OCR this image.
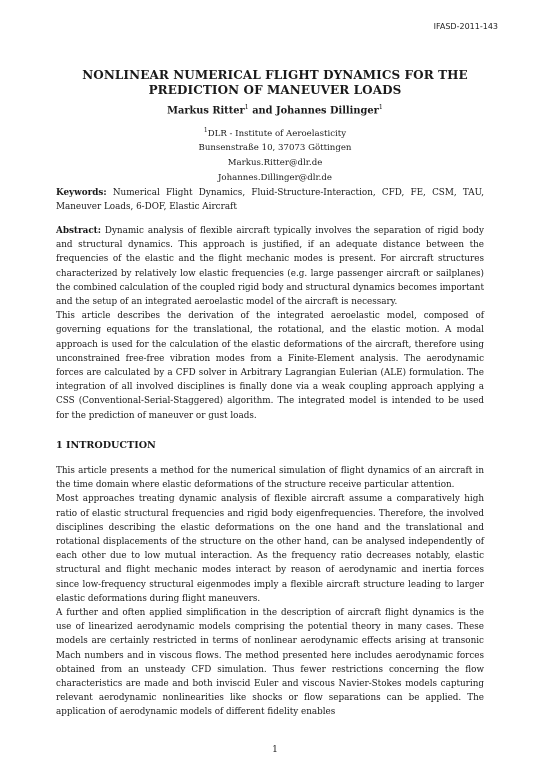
IFASD-2011-143
NONLINEAR NUMERICAL FLIGHT DYNAMICS FOR THE PREDICTION OF MANEUVER LOADS
Markus Ritter$^1$ and Johannes Dillinger$^1$
$^1$DLR - Institute of Aeroelasticity
Bunsenstraße 10, 37073 Göttingen
Markus.Ritter@dlr.de
Johannes.Dillinger@dlr.de
Keywords: Numerical Flight Dynamics, Fluid-Structure-Interaction, CFD, FE, CSM, TAU, Maneuver Loads, 6-DOF, Elastic Aircraft
Abstract: Dynamic analysis of flexible aircraft typically involves the separation of rigid body and structural dynamics. This approach is justified, if an adequate distance between the frequencies of the elastic and the flight mechanic modes is present. For aircraft structures characterized by relatively low elastic frequencies (e.g. large passenger aircraft or sailplanes) the combined calculation of the coupled rigid body and structural dynamics becomes important and the setup of an integrated aeroelastic model of the aircraft is necessary.
This article describes the derivation of the integrated aeroelastic model, composed of governing equations for the translational, the rotational, and the elastic motion. A modal approach is used for the calculation of the elastic deformations of the aircraft, therefore using unconstrained free-free vibration modes from a Finite-Element analysis. The aerodynamic forces are calculated by a CFD solver in Arbitrary Lagrangian Eulerian (ALE) formulation. The integration of all involved disciplines is finally done via a weak coupling approach applying a CSS (Conventional-Serial-Staggered) algorithm. The integrated model is intended to be used for the prediction of maneuver or gust loads.
1 INTRODUCTION
This article presents a method for the numerical simulation of flight dynamics of an aircraft in the time domain where elastic deformations of the structure receive particular attention.
Most approaches treating dynamic analysis of flexible aircraft assume a comparatively high ratio of elastic structural frequencies and rigid body eigenfrequencies. Therefore, the involved disciplines describing the elastic deformations on the one hand and the translational and rotational displacements of the structure on the other hand, can be analysed independently of each other due to low mutual interaction. As the frequency ratio decreases notably, elastic structural and flight mechanic modes interact by reason of aerodynamic and inertia forces since low-frequency structural eigenmodes imply a flexible aircraft structure leading to larger elastic deformations during flight maneuvers.
A further and often applied simplification in the description of aircraft flight dynamics is the use of linearized aerodynamic models comprising the potential theory in many cases. These models are certainly restricted in terms of nonlinear aerodynamic effects arising at transonic Mach numbers and in viscous flows. The method presented here includes aerodynamic forces obtained from an unsteady CFD simulation. Thus fewer restrictions concerning the flow characteristics are made and both inviscid Euler and viscous Navier-Stokes models capturing relevant aerodynamic nonlinearities like shocks or flow separations can be applied. The application of aerodynamic models of different fidelity enables
1
